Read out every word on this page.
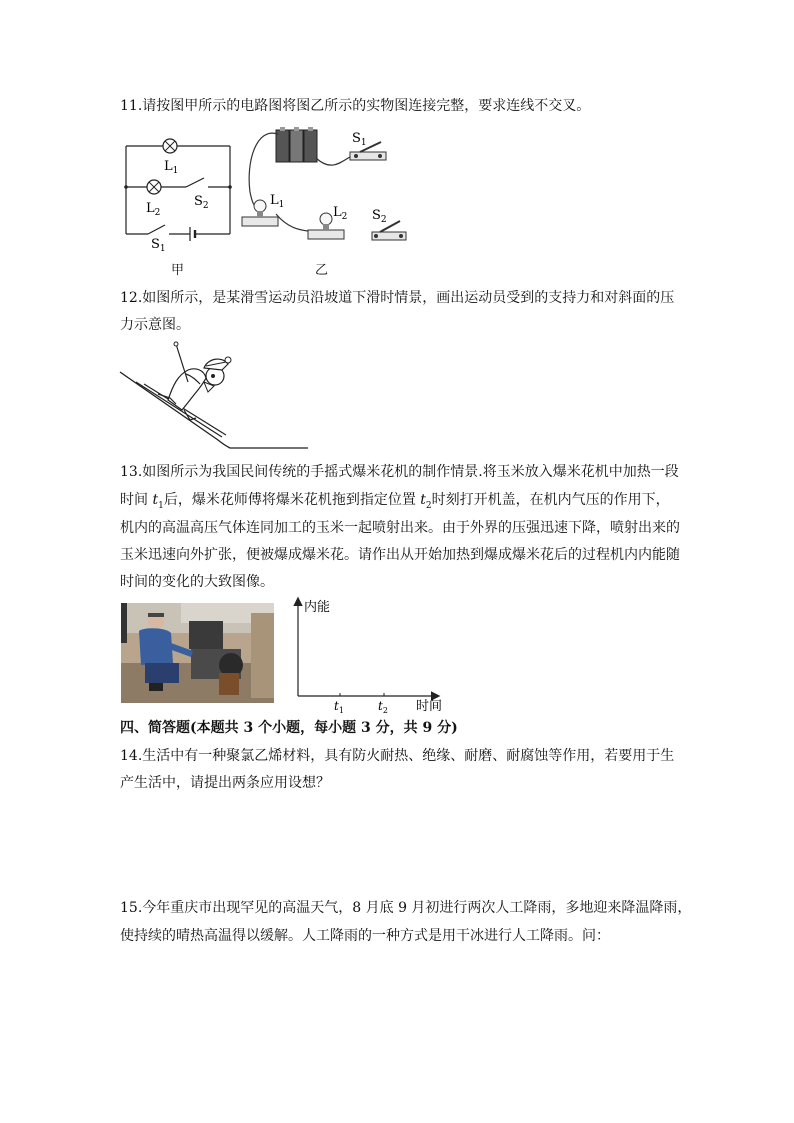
11.请按图甲所示的电路图将图乙所示的实物图连接完整，要求连线不交叉。
$L_1$
$L_2$
$S_2$
$S_1$
甲
$S_1$
$L_1$	$L_2$ $S_2$
乙
12.如图所示，是某滑雪运动员沿坡道下滑时情景，画出运动员受到的支持力和对斜面的压
力示意图。
13.如图所示为我国民间传统的手摇式爆米花机的制作情景.将玉米放入爆米花机中加热一段
时间 $t_1$后，爆米花师傅将爆米花机拖到指定位置 $t_2$时刻打开机盖，在机内气压的作用下，
机内的高温高压气体连同加工的玉米一起喷射出来。由于外界的压强迅速下降，喷射出来的
玉米迅速向外扩张，便被爆成爆米花。请作出从开始加热到爆成爆米花后的过程机内内能随
时间的变化的大致图像。
内能
时间
$t_1$	$t_2$
四、简答题(本题共 3 个小题，每小题 3 分，共 9 分)
14.生活中有一种聚氯乙烯材料，具有防火耐热、绝缘、耐磨、耐腐蚀等作用，若要用于生
产生活中，请提出两条应用设想？
15.今年重庆市出现罕见的高温天气，8 月底 9 月初进行两次人工降雨，多地迎来降温降雨，
使持续的晴热高温得以缓解。人工降雨的一种方式是用干冰进行人工降雨。问：
